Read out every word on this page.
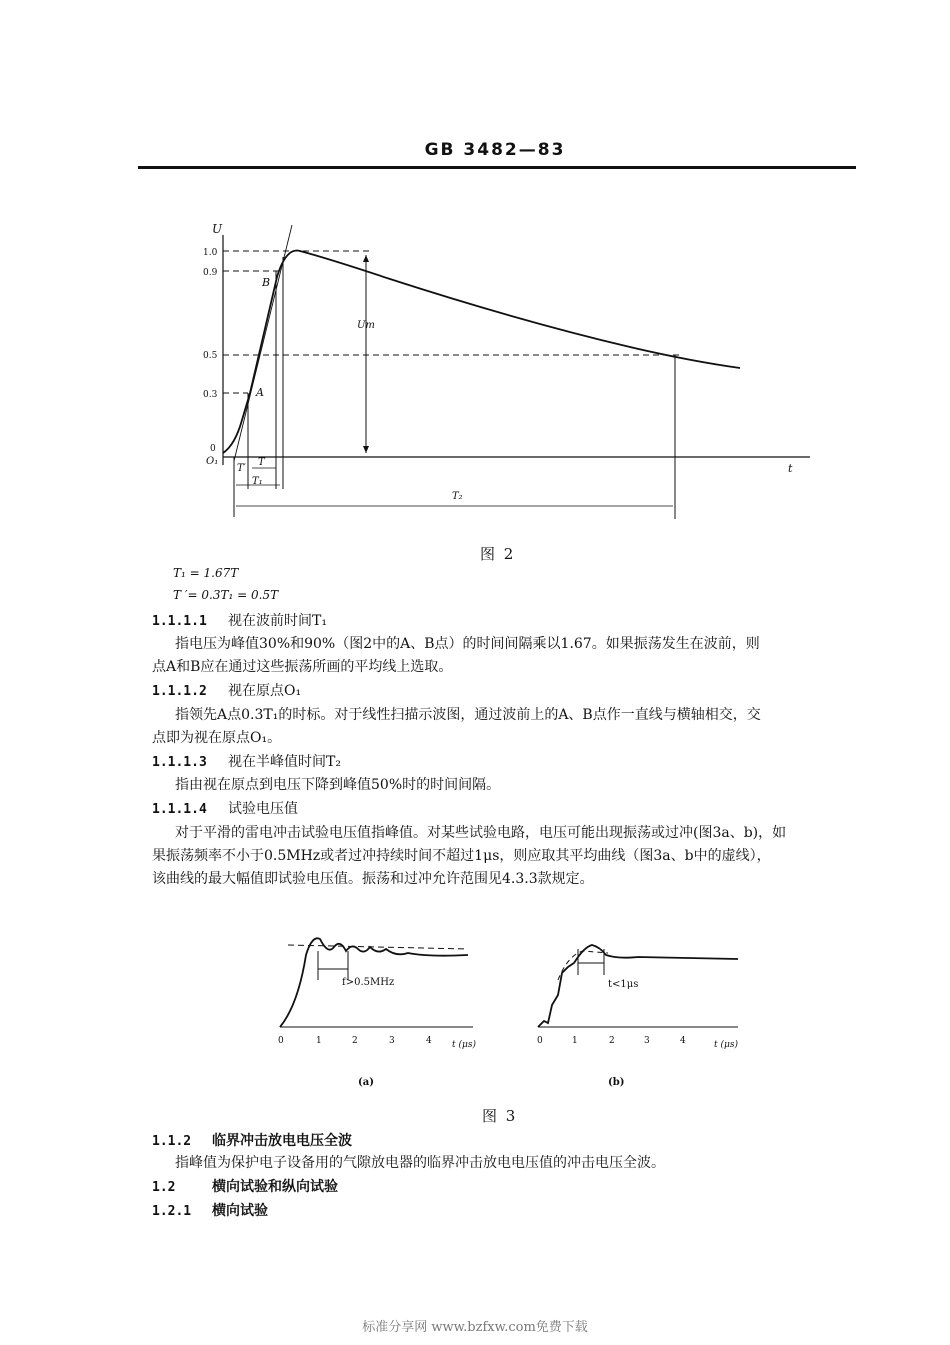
GB 3482—83
U
t
1.0
0.9
0.5
0.3
0
O₁
Um
A
B
T′
T
T₁
T₂
图 2
T₁ = 1.67T
T ′= 0.3T₁ = 0.5T
1.1.1.1 视在波前时间T₁
指电压为峰值30%和90%（图2中的A、B点）的时间间隔乘以1.67。如果振荡发生在波前，则
点A和B应在通过这些振荡所画的平均线上选取。
1.1.1.2 视在原点O₁
指领先A点0.3T₁的时标。对于线性扫描示波图，通过波前上的A、B点作一直线与横轴相交，交
点即为视在原点O₁。
1.1.1.3 视在半峰值时间T₂
指由视在原点到电压下降到峰值50%时的时间间隔。
1.1.1.4 试验电压值
对于平滑的雷电冲击试验电压值指峰值。对某些试验电路，电压可能出现振荡或过冲(图3a、b)，如
果振荡频率不小于0.5MHz或者过冲持续时间不超过1μs，则应取其平均曲线（图3a、b中的虚线），
该曲线的最大幅值即试验电压值。振荡和过冲允许范围见4.3.3款规定。
f>0.5MHz
0	1	2	3	4 t (μs)
(a)
t<1μs
0	1	2	3	4	t (μs)
(b)
图 3
1.1.2 临界冲击放电电压全波
指峰值为保护电子设备用的气隙放电器的临界冲击放电电压值的冲击电压全波。
1.2	横向试验和纵向试验
1.2.1 横向试验
标准分享网 www.bzfxw.com免费下载
